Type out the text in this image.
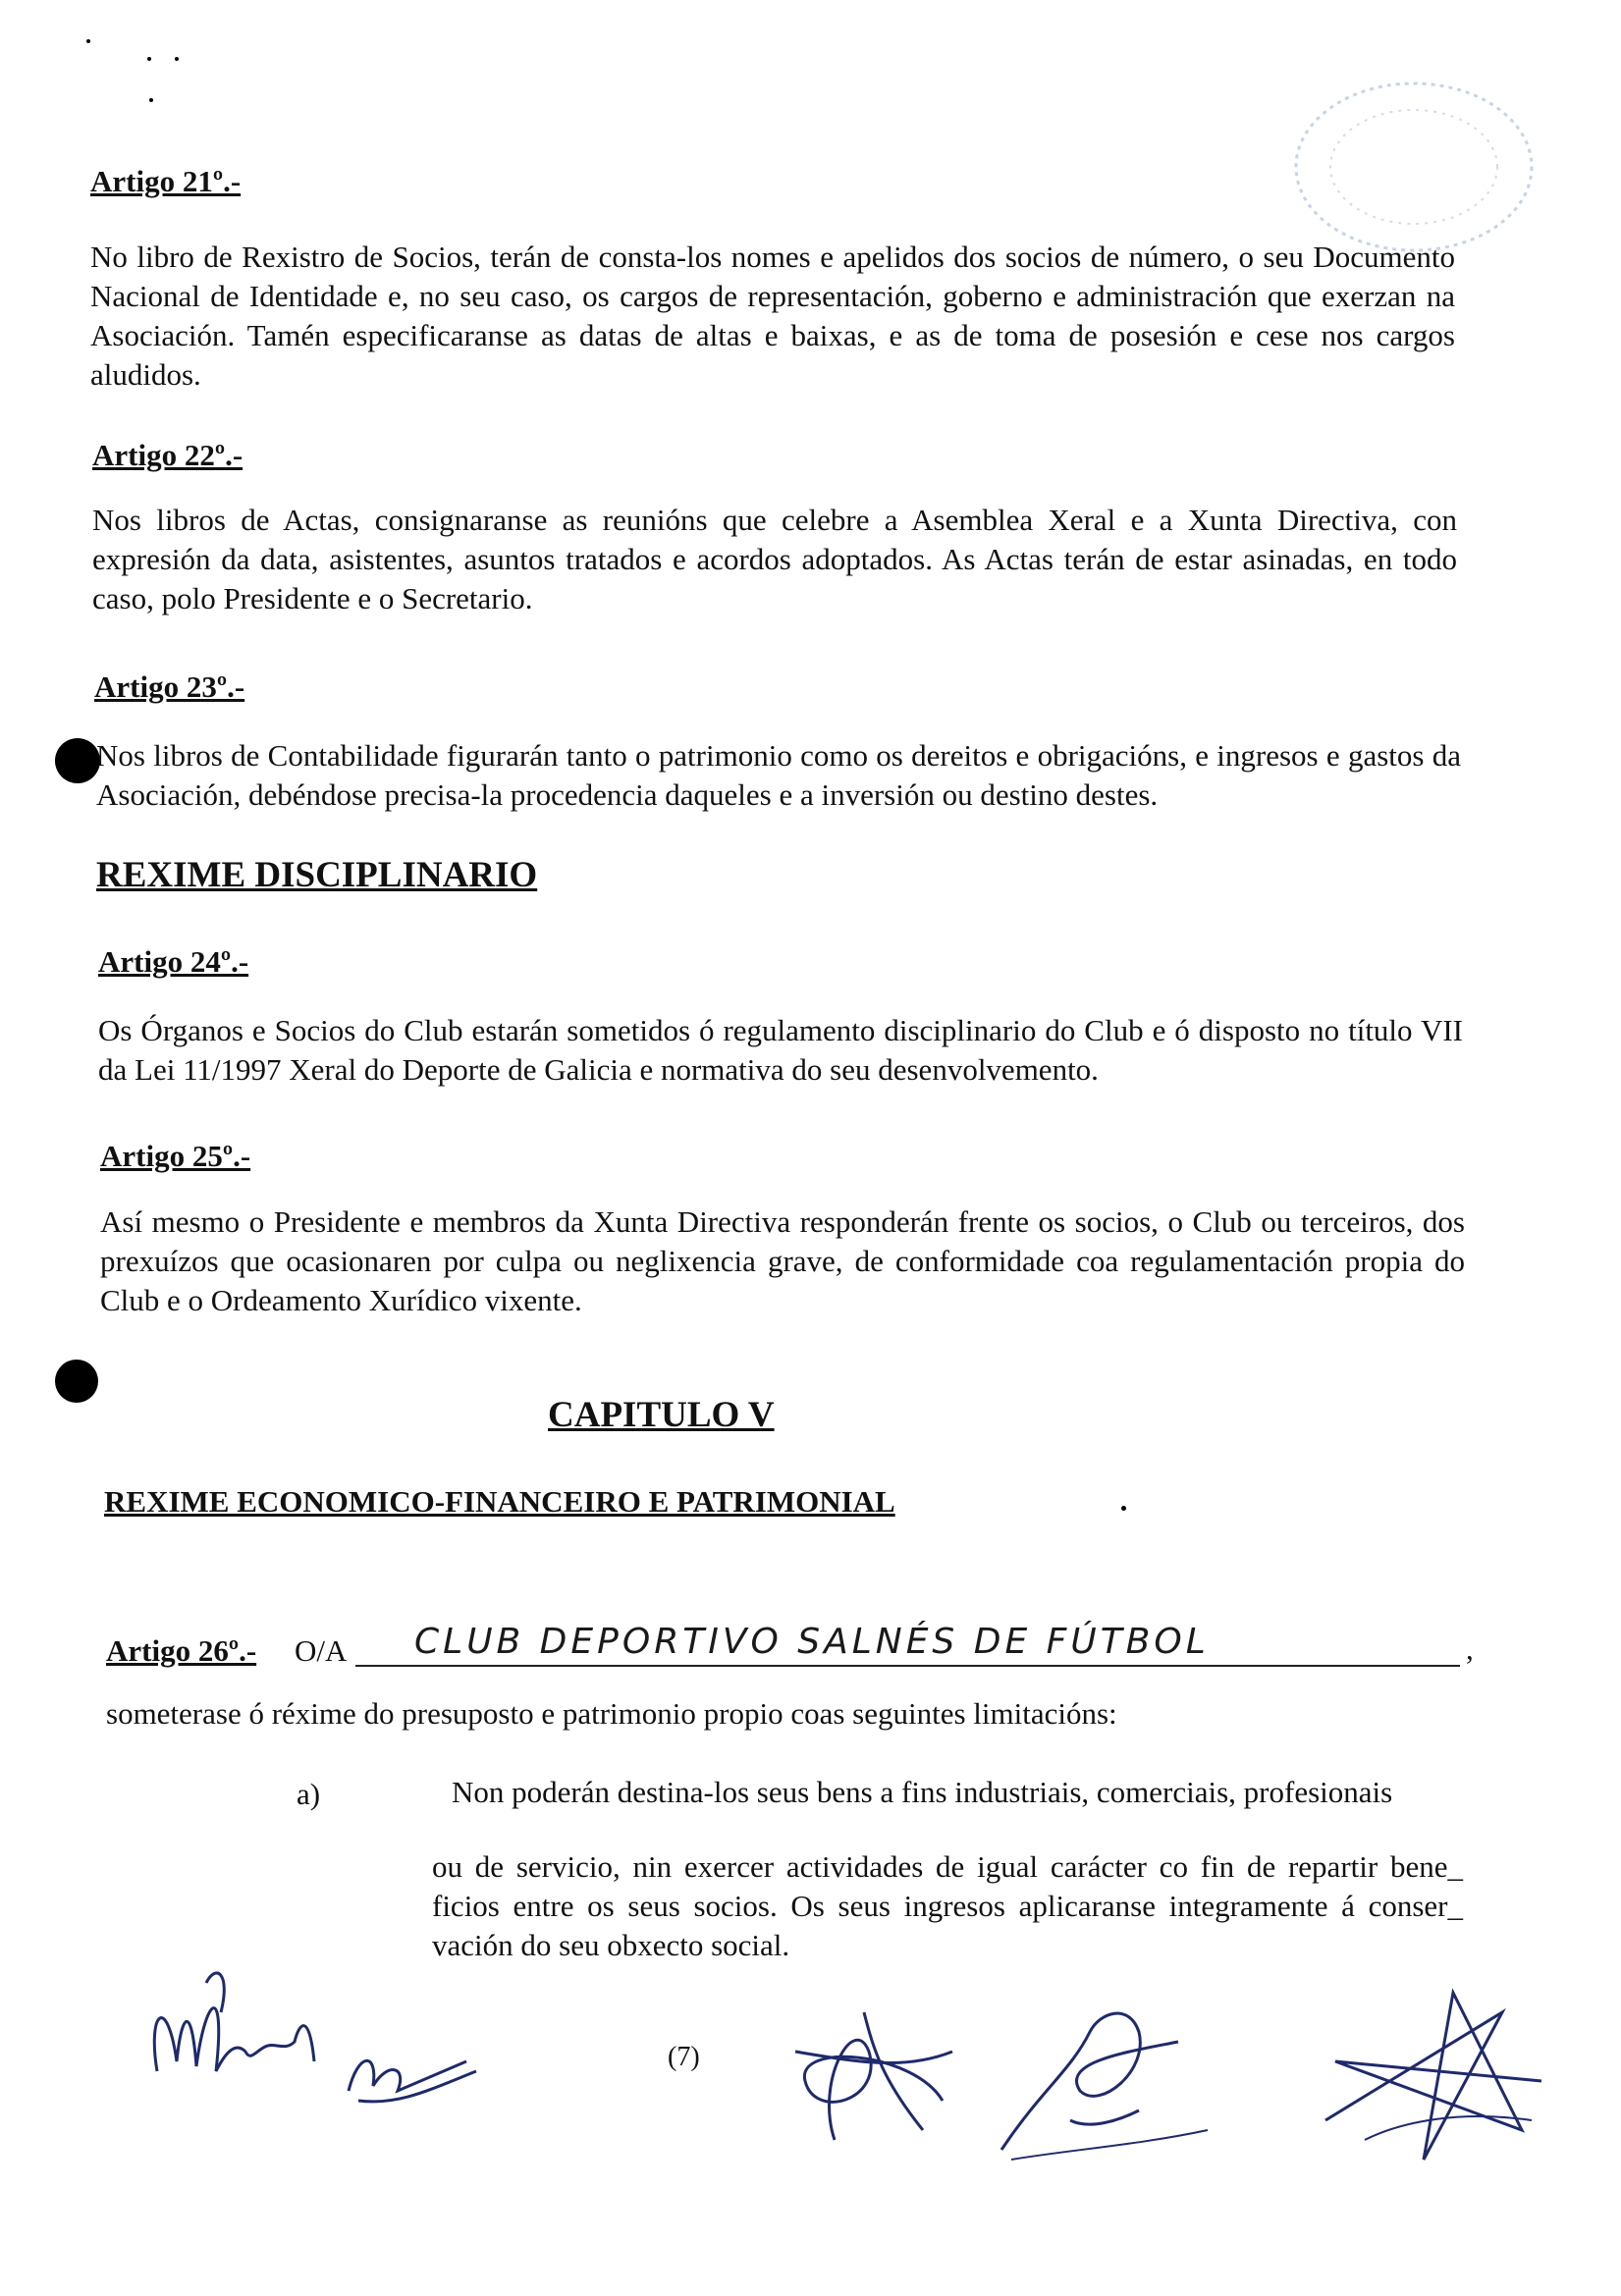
Artigo 21º.-

No libro de Rexistro de Socios, terán de consta-los nomes e apelidos dos socios de número, o seu Documento Nacional de Identidade e, no seu caso, os cargos de representación, goberno e administración que exerzan na Asociación. Tamén especificaranse as datas de altas e baixas, e as de toma de posesión e cese nos cargos aludidos.

Artigo 22º.-

Nos libros de Actas, consignaranse as reunións que celebre a Asemblea Xeral e a Xunta Directiva, con expresión da data, asistentes, asuntos tratados e acordos adoptados. As Actas terán de estar asinadas, en todo caso, polo Presidente e o Secretario.

Artigo 23º.-

Nos libros de Contabilidade figurarán tanto o patrimonio como os dereitos e obrigacións, e ingresos e gastos da Asociación, debéndose precisa-la procedencia daqueles e a inversión ou destino destes.

REXIME DISCIPLINARIO

Artigo 24º.-

Os Órganos e Socios do Club estarán sometidos ó regulamento disciplinario do Club e ó disposto no título VII da Lei 11/1997 Xeral do Deporte de Galicia e normativa do seu desenvolvemento.

Artigo 25º.-

Así mesmo o Presidente e membros da Xunta Directiva responderán frente os socios, o Club ou terceiros, dos prexuízos que ocasionaren por culpa ou neglixencia grave, de conformidade coa regulamentación propia do Club e o Ordeamento Xurídico vixente.

CAPITULO V

REXIME ECONOMICO-FINANCEIRO E PATRIMONIAL

Artigo 26º.- O/A CLUB DEPORTIVO SALNÉS DE FÚTBOL	,

someterase ó réxime do presuposto e patrimonio propio coas seguintes limitacións:

a)	Non poderán destina-los seus bens a fins industriais, comerciais, profesionais

ou de servicio, nin exercer actividades de igual carácter co fin de repartir bene_ ficios entre os seus socios. Os seus ingresos aplicaranse integramente á conser_ vación do seu obxecto social.

(7)
